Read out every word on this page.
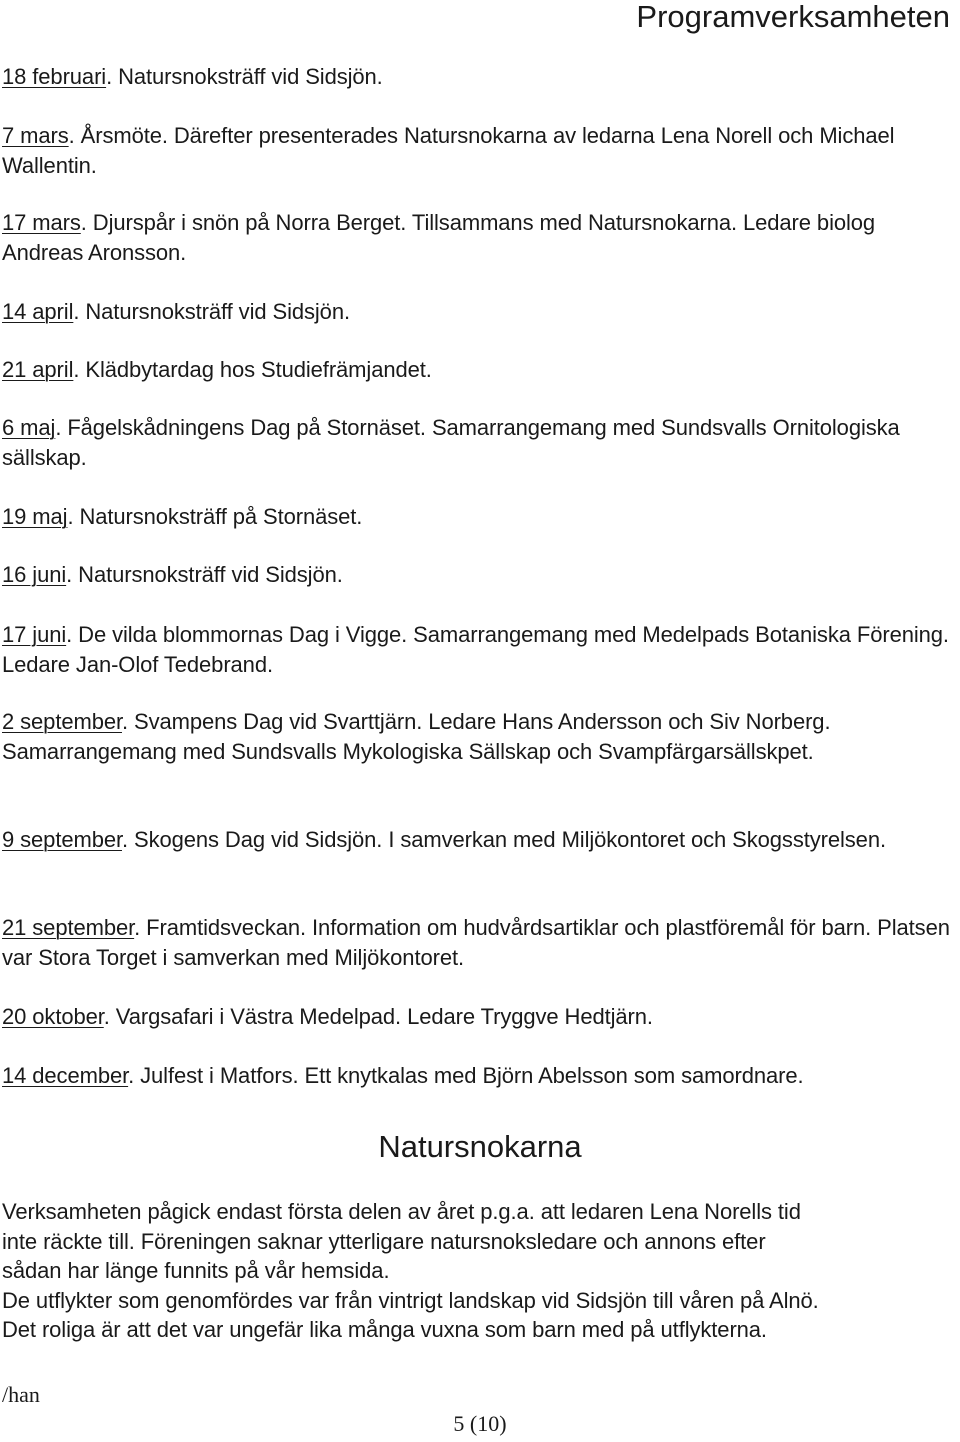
Programverksamheten
18 februari. Natursnoksträff vid Sidsjön.
7 mars. Årsmöte. Därefter presenterades Natursnokarna av ledarna Lena Norell och Michael Wallentin.
17 mars. Djurspår i snön på Norra Berget. Tillsammans med Natursnokarna. Ledare biolog Andreas Aronsson.
14 april. Natursnoksträff vid Sidsjön.
21 april. Klädbytardag hos Studiefrämjandet.
6 maj. Fågelskådningens Dag på Stornäset. Samarrangemang med Sundsvalls Ornitologiska sällskap.
19 maj. Natursnoksträff på Stornäset.
16 juni. Natursnoksträff vid Sidsjön.
17 juni. De vilda blommornas Dag i Vigge. Samarrangemang med Medelpads Botaniska Förening. Ledare Jan-Olof Tedebrand.
2 september. Svampens Dag vid Svarttjärn. Ledare Hans Andersson och Siv Norberg. Samarrangemang med Sundsvalls Mykologiska Sällskap och Svampfärgarsällskpet.
9 september. Skogens Dag vid Sidsjön. I samverkan med Miljökontoret och Skogsstyrelsen.
21 september. Framtidsveckan. Information om hudvårdsartiklar och plastföremål för barn. Platsen var Stora Torget i samverkan med Miljökontoret.
20 oktober. Vargsafari i Västra Medelpad. Ledare Tryggve Hedtjärn.
14 december. Julfest i Matfors. Ett knytkalas med Björn Abelsson som samordnare.
Natursnokarna
Verksamheten pågick endast första delen av året p.g.a. att ledaren Lena Norells tid
inte räckte till. Föreningen saknar ytterligare natursnoksledare och annons efter
sådan har länge funnits på vår hemsida.
De utflykter som genomfördes var från vintrigt landskap vid Sidsjön till våren på Alnö.
Det roliga är att det var ungefär lika många vuxna som barn med på utflykterna.
/han
5 (10)
